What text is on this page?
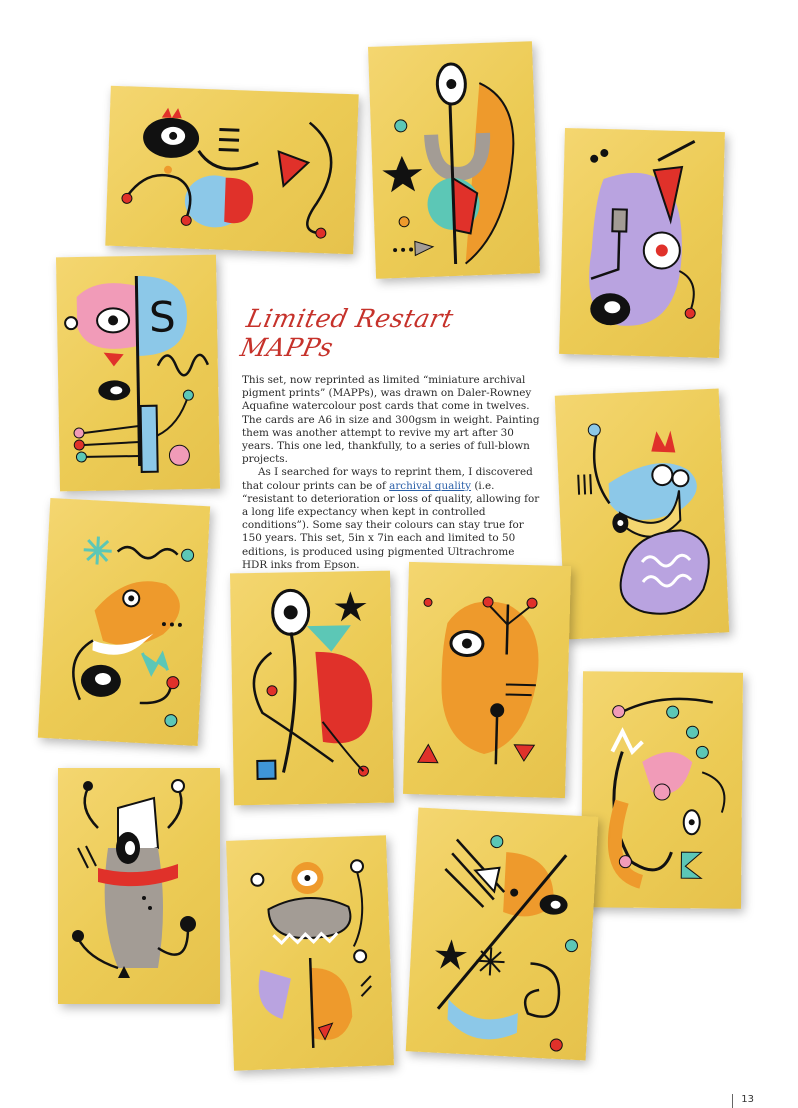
S	Limited Restart MAPPs

This set, now reprinted as limited “miniature archival pigment prints” (MAPPs), was drawn on Daler-Rowney Aquafine watercolour post cards that come in twelves. The cards are A6 in size and 300gsm in weight. Painting them was another attempt to revive my art after 30 years. This one led, thankfully, to a series of full-blown projects.

As I searched for ways to reprint them, I discovered that colour prints can be of archival quality (i.e. “resistant to deterioration or loss of quality, allowing for a long life expectancy when kept in controlled conditions”). Some say their colours can stay true for 150 years. This set, 5in x 7in each and limited to 50 editions, is produced using pigmented Ultrachrome HDR inks from Epson.

13
